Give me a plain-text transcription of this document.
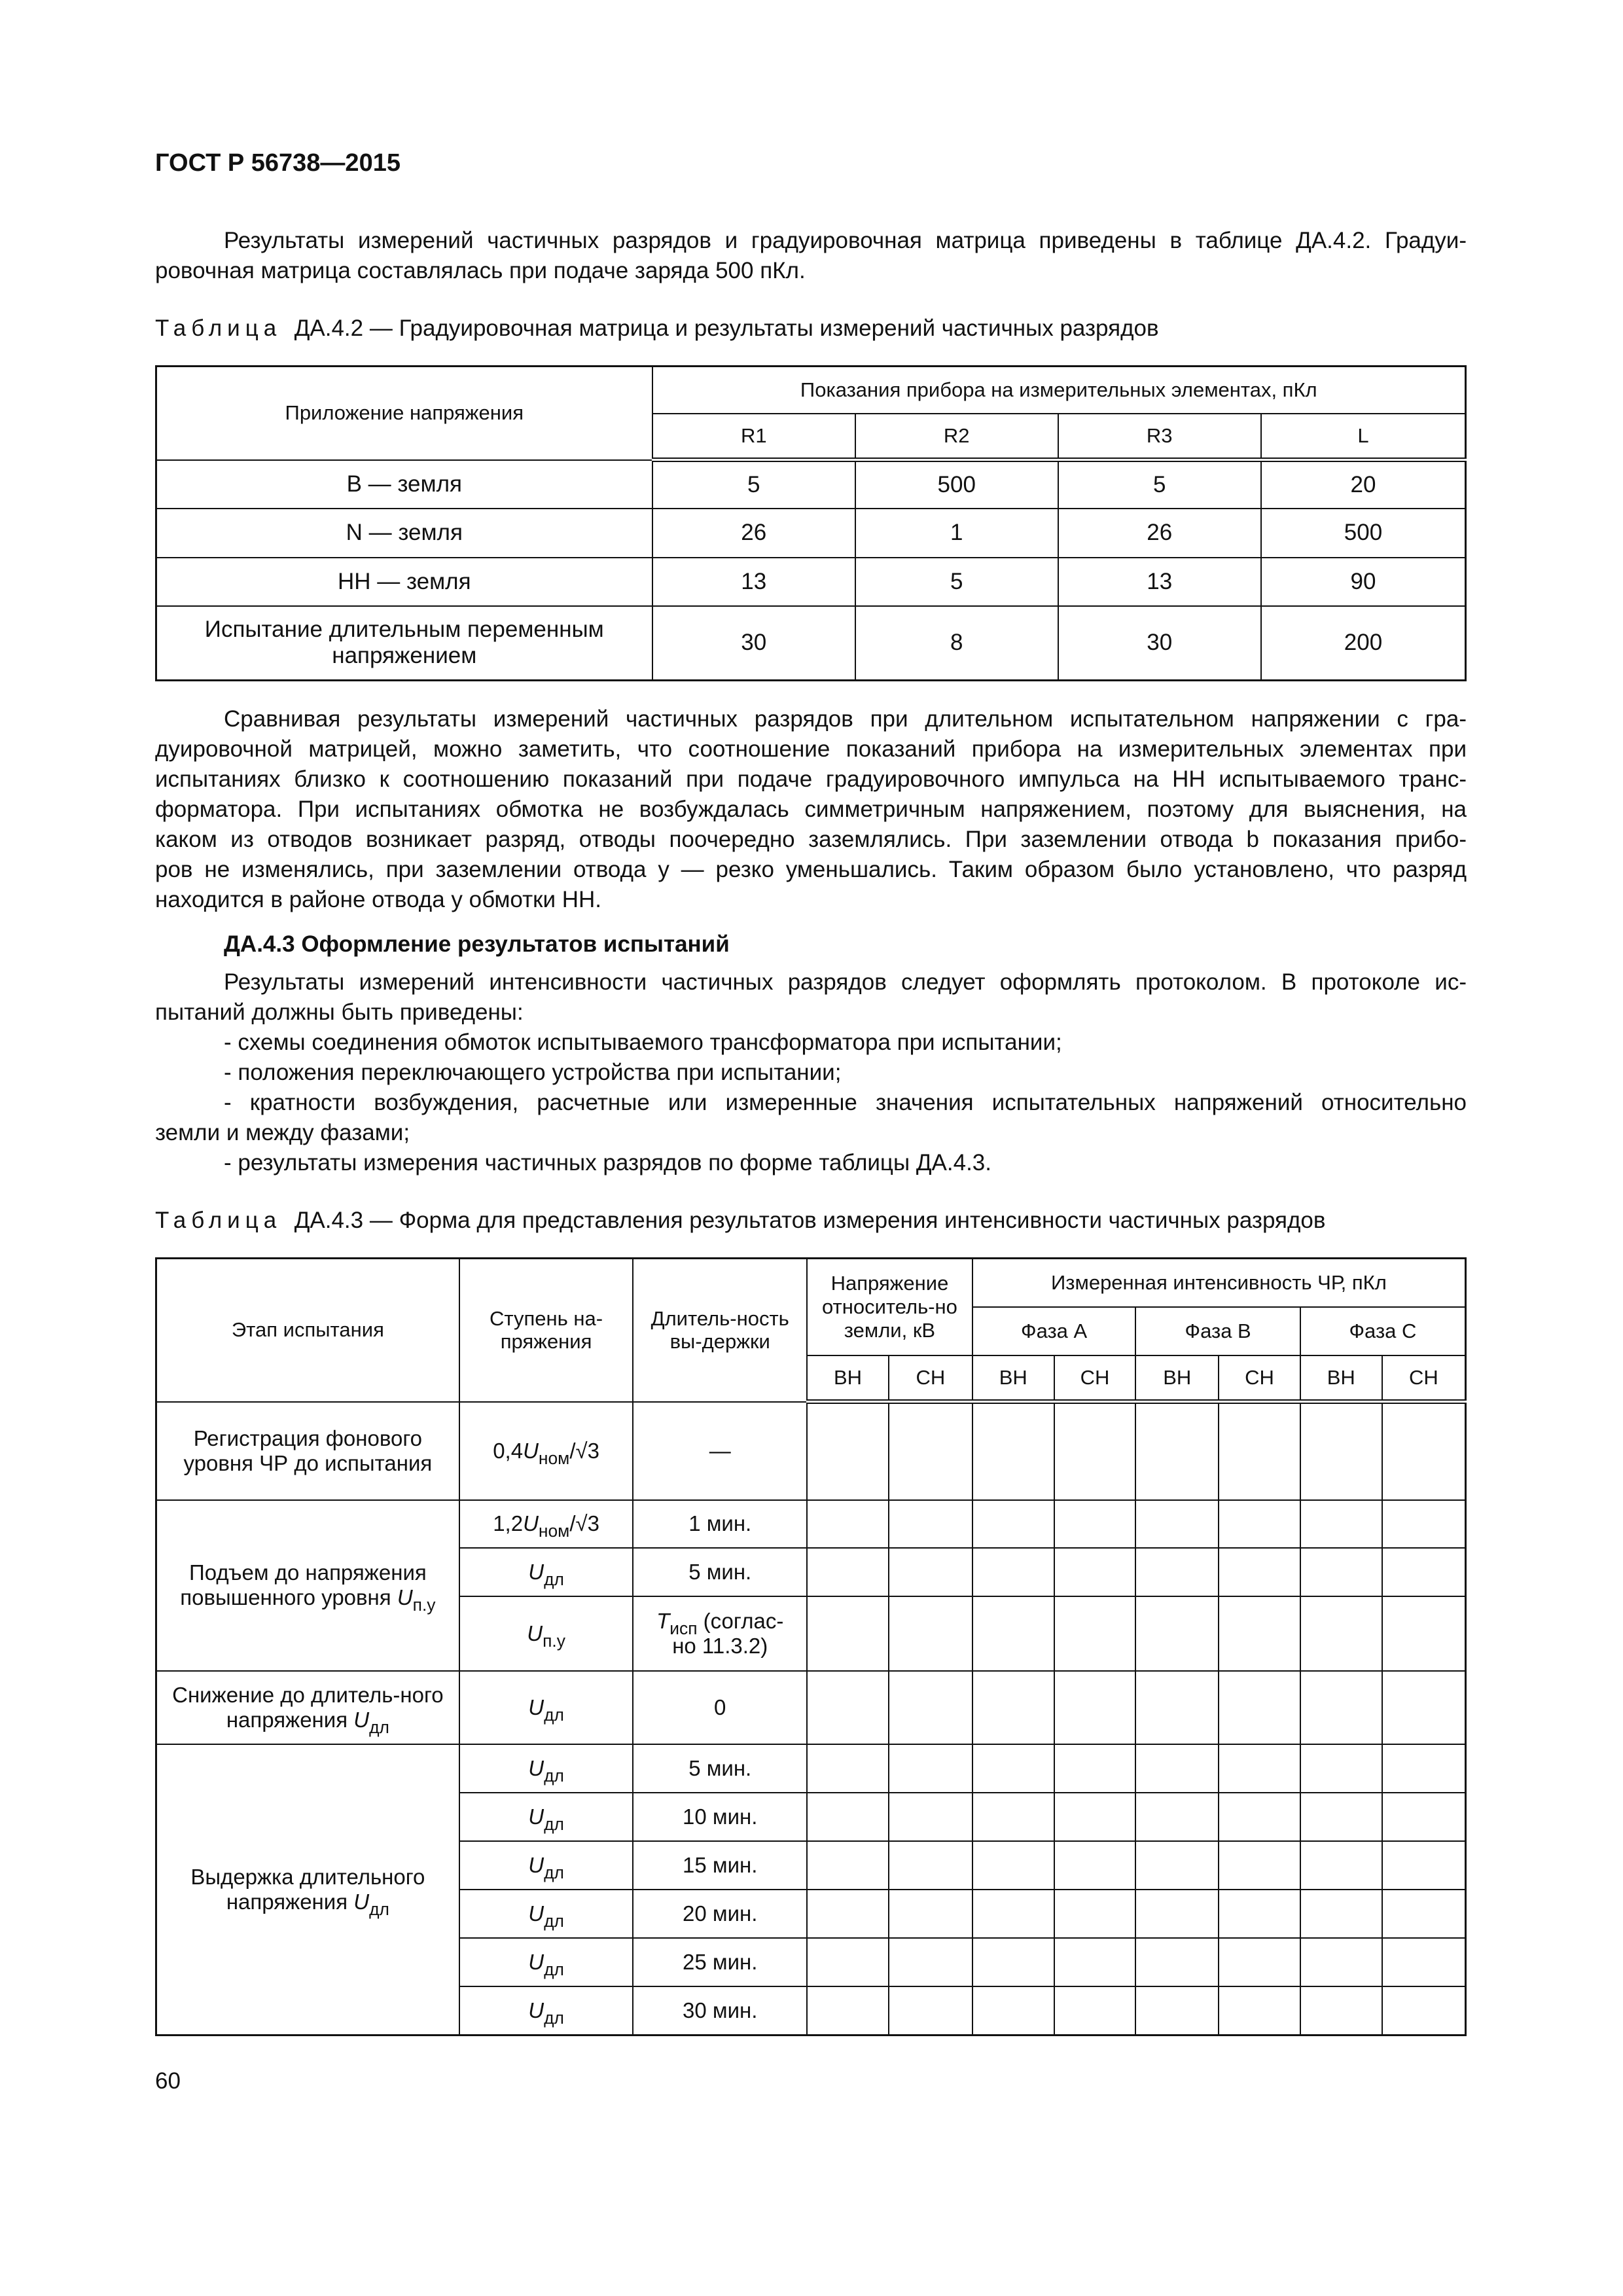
ГОСТ Р 56738—2015
Результаты измерений частичных разрядов и градуировочная матрица приведены в таблице ДА.4.2. Градуи-
ровочная матрица составлялась при подаче заряда 500 пКл.
Таблица ДА.4.2 — Градуировочная матрица и результаты измерений частичных разрядов
Приложение напряжения	Показания прибора на измерительных элементах, пКл			
	R1	R2	R3	L
В — земля	5	500	5	20
N — земля	26	1	26	500
НН — земля	13	5	13	90
Испытание длительным переменным напряжением	30	8	30	200
Сравнивая результаты измерений частичных разрядов при длительном испытательном напряжении с гра-
дуировочной матрицей, можно заметить, что соотношение показаний прибора на измерительных элементах при
испытаниях близко к соотношению показаний при подаче градуировочного импульса на НН испытываемого транс-
форматора. При испытаниях обмотка не возбуждалась симметричным напряжением, поэтому для выяснения, на
каком из отводов возникает разряд, отводы поочередно заземлялись. При заземлении отвода b показания прибо-
ров не изменялись, при заземлении отвода y — резко уменьшались. Таким образом было установлено, что разряд
находится в районе отвода y обмотки НН.
ДА.4.3 Оформление результатов испытаний
Результаты измерений интенсивности частичных разрядов следует оформлять протоколом. В протоколе ис-
пытаний должны быть приведены:
- схемы соединения обмоток испытываемого трансформатора при испытании;
- положения переключающего устройства при испытании;
- кратности возбуждения, расчетные или измеренные значения испытательных напряжений относительно
земли и между фазами;
- результаты измерения частичных разрядов по форме таблицы ДА.4.3.
Таблица ДА.4.3 — Форма для представления результатов измерения интенсивности частичных разрядов
Этап испытания	Ступень на-пряжения	Длитель-ность вы-держки	Напряжение относитель-но земли, кВ		Измеренная интенсивность ЧР, пКл					
					Фаза А		Фаза В		Фаза С	
			ВН	СН	ВН	СН	ВН	СН	ВН	СН
Регистрация фонового уровня ЧР до испытания	$0,4U_{ном}/√3$	—								
Подъем до напряжения повышенного уровня $U_{п.у}$	$1,2U_{ном}/√3$	1 мин.								
	$U_{дл}$	5 мин.								
	$U_{п.у}$	$T_{исп}$ (соглас-но 11.3.2)								
Снижение до длитель-ного напряжения $U_{дл}$	$U_{дл}$	0								
Выдержка длительного напряжения $U_{дл}$	$U_{дл}$	5 мин.								
	$U_{дл}$	10 мин.								
	$U_{дл}$	15 мин.								
	$U_{дл}$	20 мин.								
	$U_{дл}$	25 мин.								
	$U_{дл}$	30 мин.								
60
